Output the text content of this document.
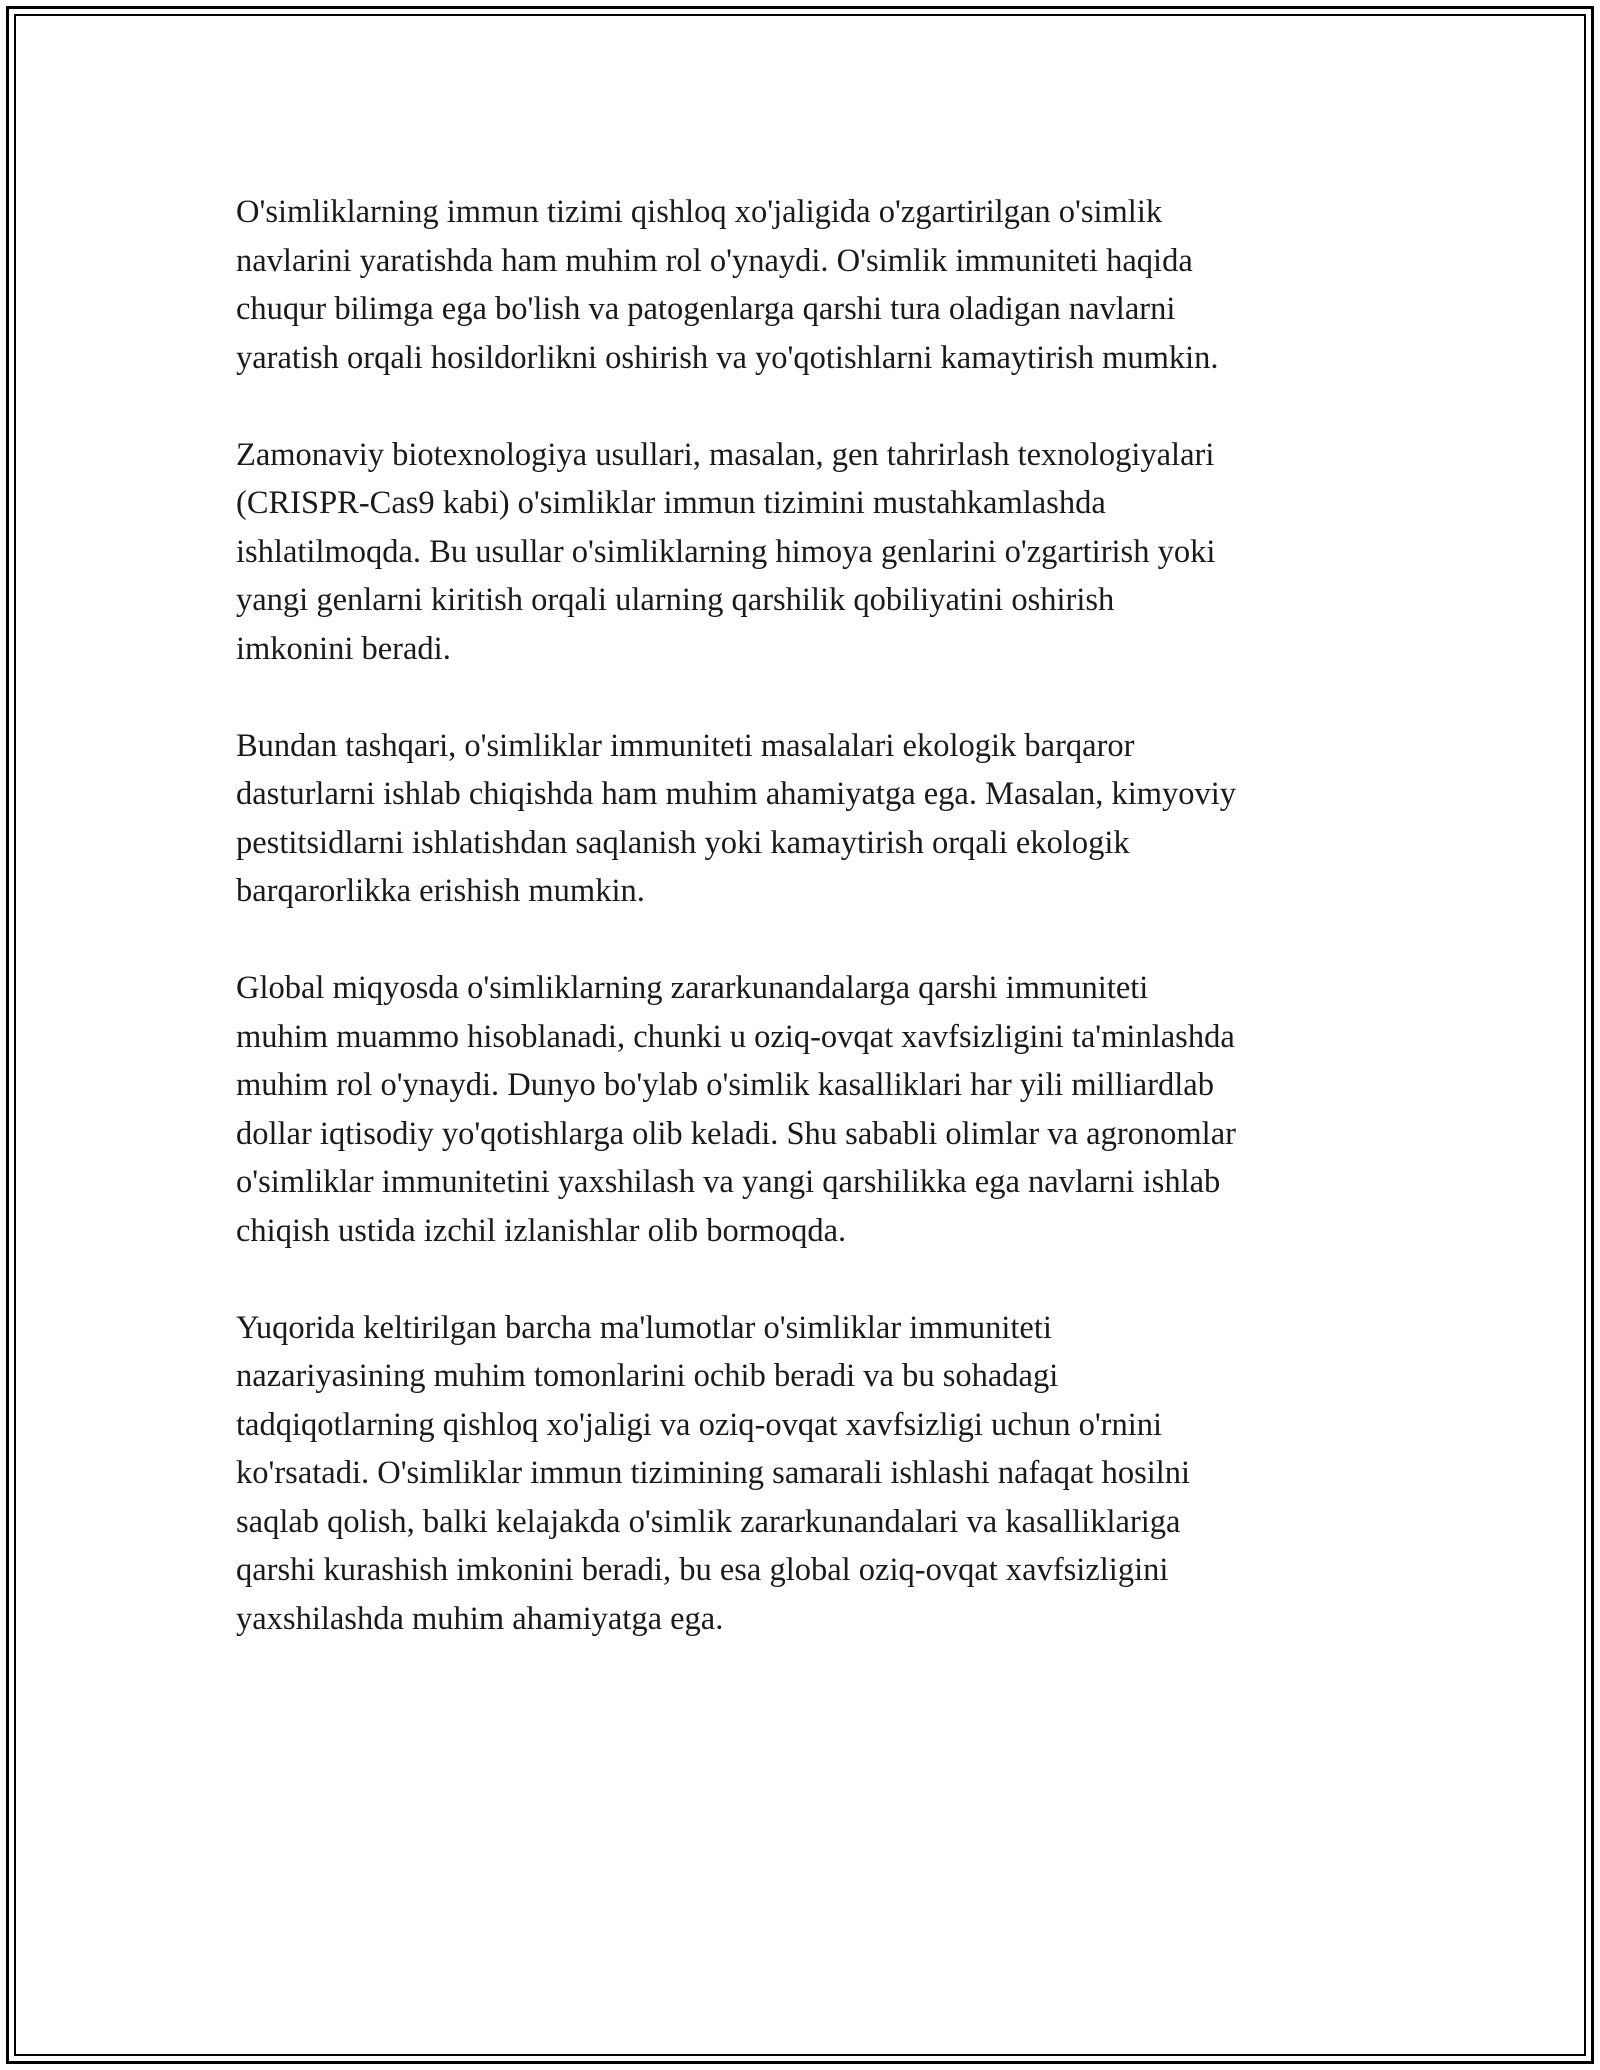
O'simliklarning immun tizimi qishloq xo'jaligida o'zgartirilgan o'simlik
navlarini yaratishda ham muhim rol o'ynaydi. O'simlik immuniteti haqida
chuqur bilimga ega bo'lish va patogenlarga qarshi tura oladigan navlarni
yaratish orqali hosildorlikni oshirish va yo'qotishlarni kamaytirish mumkin.

Zamonaviy biotexnologiya usullari, masalan, gen tahrirlash texnologiyalari
(CRISPR-Cas9 kabi) o'simliklar immun tizimini mustahkamlashda
ishlatilmoqda. Bu usullar o'simliklarning himoya genlarini o'zgartirish yoki
yangi genlarni kiritish orqali ularning qarshilik qobiliyatini oshirish
imkonini beradi.

Bundan tashqari, o'simliklar immuniteti masalalari ekologik barqaror
dasturlarni ishlab chiqishda ham muhim ahamiyatga ega. Masalan, kimyoviy
pestitsidlarni ishlatishdan saqlanish yoki kamaytirish orqali ekologik
barqarorlikka erishish mumkin.

Global miqyosda o'simliklarning zararkunandalarga qarshi immuniteti
muhim muammo hisoblanadi, chunki u oziq-ovqat xavfsizligini ta'minlashda
muhim rol o'ynaydi. Dunyo bo'ylab o'simlik kasalliklari har yili milliardlab
dollar iqtisodiy yo'qotishlarga olib keladi. Shu sababli olimlar va agronomlar
o'simliklar immunitetini yaxshilash va yangi qarshilikka ega navlarni ishlab
chiqish ustida izchil izlanishlar olib bormoqda.

Yuqorida keltirilgan barcha ma'lumotlar o'simliklar immuniteti
nazariyasining muhim tomonlarini ochib beradi va bu sohadagi
tadqiqotlarning qishloq xo'jaligi va oziq-ovqat xavfsizligi uchun o'rnini
ko'rsatadi. O'simliklar immun tizimining samarali ishlashi nafaqat hosilni
saqlab qolish, balki kelajakda o'simlik zararkunandalari va kasalliklariga
qarshi kurashish imkonini beradi, bu esa global oziq-ovqat xavfsizligini
yaxshilashda muhim ahamiyatga ega.
